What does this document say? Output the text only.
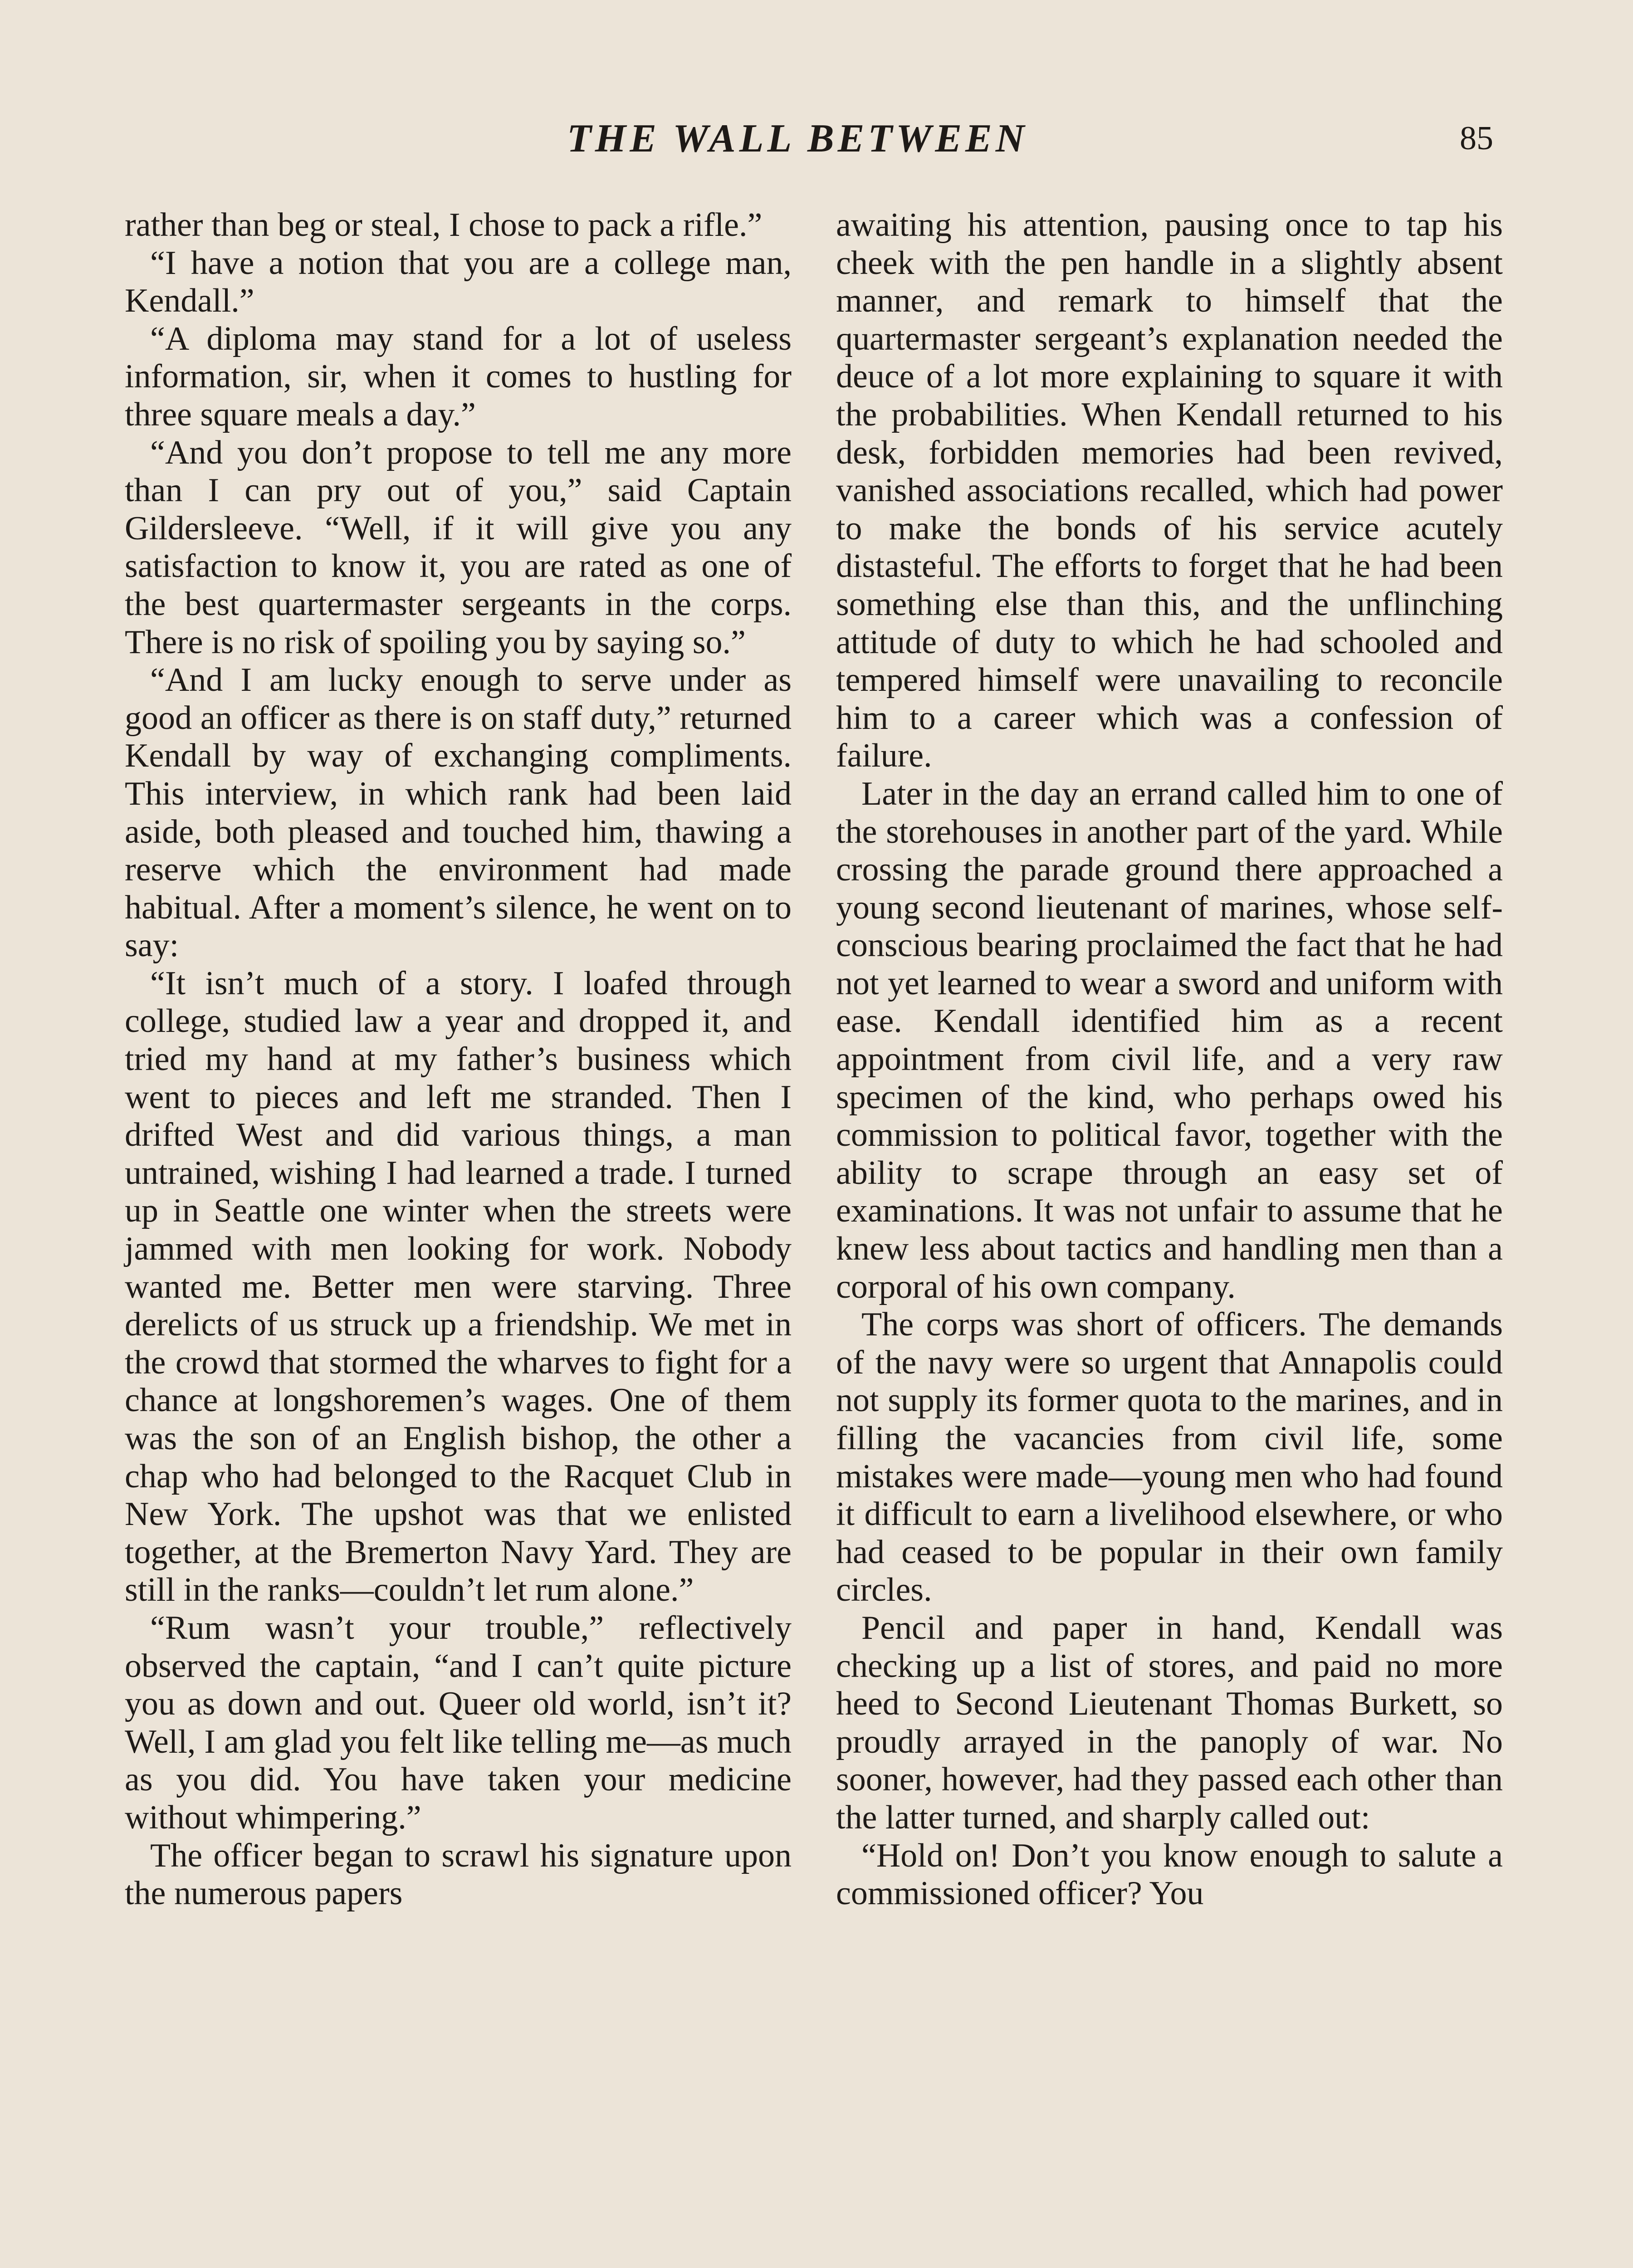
THE WALL BETWEEN	85

rather than beg or steal, I chose to pack a rifle.”

“I have a notion that you are a college man, Kendall.”

“A diploma may stand for a lot of useless information, sir, when it comes to hustling for three square meals a day.”

“And you don’t propose to tell me any more than I can pry out of you,” said Captain Gildersleeve. “Well, if it will give you any satisfaction to know it, you are rated as one of the best quartermaster sergeants in the corps. There is no risk of spoiling you by saying so.”

“And I am lucky enough to serve under as good an officer as there is on staff duty,” returned Kendall by way of exchanging compliments. This interview, in which rank had been laid aside, both pleased and touched him, thawing a reserve which the environment had made habitual. After a moment’s silence, he went on to say:

“It isn’t much of a story. I loafed through college, studied law a year and dropped it, and tried my hand at my father’s business which went to pieces and left me stranded. Then I drifted West and did various things, a man untrained, wishing I had learned a trade. I turned up in Seattle one winter when the streets were jammed with men looking for work. Nobody wanted me. Better men were starving. Three derelicts of us struck up a friendship. We met in the crowd that stormed the wharves to fight for a chance at longshoremen’s wages. One of them was the son of an English bishop, the other a chap who had belonged to the Racquet Club in New York. The upshot was that we enlisted together, at the Bremerton Navy Yard. They are still in the ranks—couldn’t let rum alone.”

“Rum wasn’t your trouble,” reflectively observed the captain, “and I can’t quite picture you as down and out. Queer old world, isn’t it? Well, I am glad you felt like telling me—as much as you did. You have taken your medicine without whimpering.”

The officer began to scrawl his signature upon the numerous papers

awaiting his attention, pausing once to tap his cheek with the pen handle in a slightly absent manner, and remark to himself that the quartermaster sergeant’s explanation needed the deuce of a lot more explaining to square it with the probabilities. When Kendall returned to his desk, forbidden memories had been revived, vanished associations recalled, which had power to make the bonds of his service acutely distasteful. The efforts to forget that he had been something else than this, and the unflinching attitude of duty to which he had schooled and tempered himself were unavailing to reconcile him to a career which was a confession of failure.

Later in the day an errand called him to one of the storehouses in another part of the yard. While crossing the parade ground there approached a young second lieutenant of marines, whose self-conscious bearing proclaimed the fact that he had not yet learned to wear a sword and uniform with ease. Kendall identified him as a recent appointment from civil life, and a very raw specimen of the kind, who perhaps owed his commission to political favor, together with the ability to scrape through an easy set of examinations. It was not unfair to assume that he knew less about tactics and handling men than a corporal of his own company.

The corps was short of officers. The demands of the navy were so urgent that Annapolis could not supply its former quota to the marines, and in filling the vacancies from civil life, some mistakes were made—young men who had found it difficult to earn a livelihood elsewhere, or who had ceased to be popular in their own family circles.

Pencil and paper in hand, Kendall was checking up a list of stores, and paid no more heed to Second Lieutenant Thomas Burkett, so proudly arrayed in the panoply of war. No sooner, however, had they passed each other than the latter turned, and sharply called out:

“Hold on! Don’t you know enough to salute a commissioned officer? You
